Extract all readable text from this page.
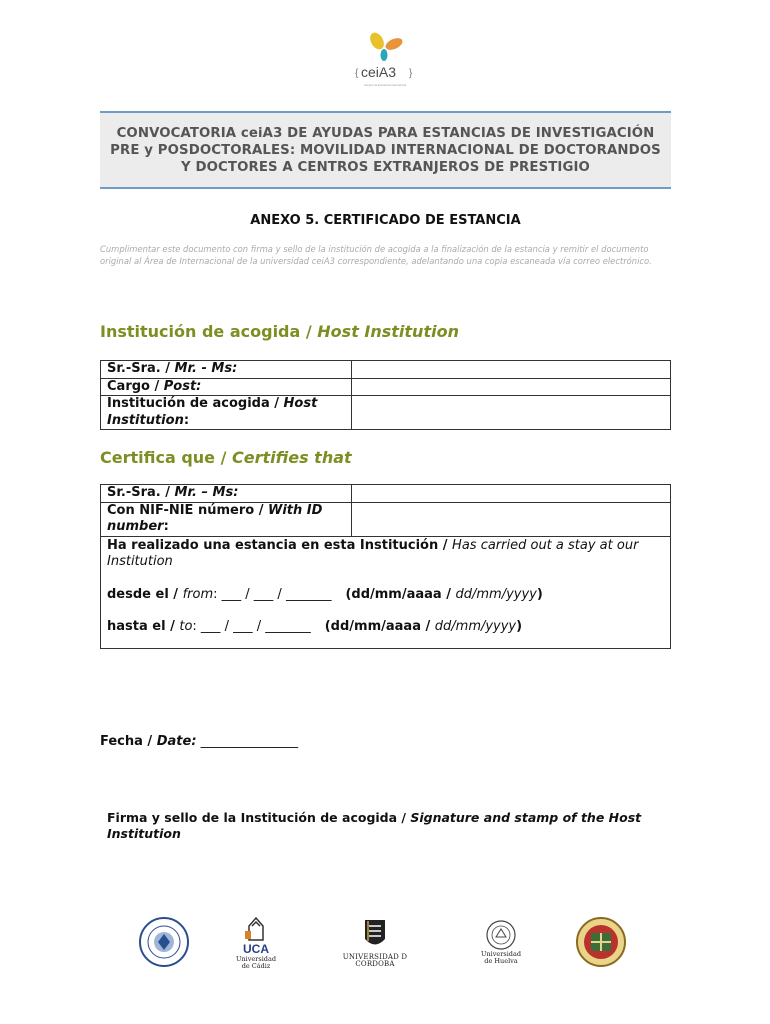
{ ceiA3 }
Campus de Excelencia Internacional

CONVOCATORIA ceiA3 DE AYUDAS PARA ESTANCIAS DE INVESTIGACIÓN
PRE y POSDOCTORALES: MOVILIDAD INTERNACIONAL DE DOCTORANDOS
Y DOCTORES A CENTROS EXTRANJEROS DE PRESTIGIO

ANEXO 5. CERTIFICADO DE ESTANCIA
Cumplimentar este documento con firma y sello de la institución de acogida a la finalización de la estancia y remitir el documento original al Área de Internacional de la universidad ceiA3 correspondiente, adelantando una copia escaneada vía correo electrónico.
Institución de acogida / Host Institution
Sr.-Sra. / Mr. - Ms:	
Cargo / Post:	
Institución de acogida / Host Institution:	
Certifica que / Certifies that
Sr.-Sra. / Mr. – Ms:	
Con NIF-NIE número / With ID number:	

Ha realizado una estancia en esta Institución / Has carried out a stay at our Institution
desde el / from: ___ / ___ / _______ (dd/mm/aaaa / dd/mm/yyyy)
hasta el / to: ___ / ___ / _______ (dd/mm/aaaa / dd/mm/yyyy)	
Fecha / Date: _______________
Firma y sello de la Institución de acogida / Signature and stamp of the Host Institution
UCA
Universidad de Cádiz
UNIVERSIDAD D CORDOBA
Universidad de Huelva
